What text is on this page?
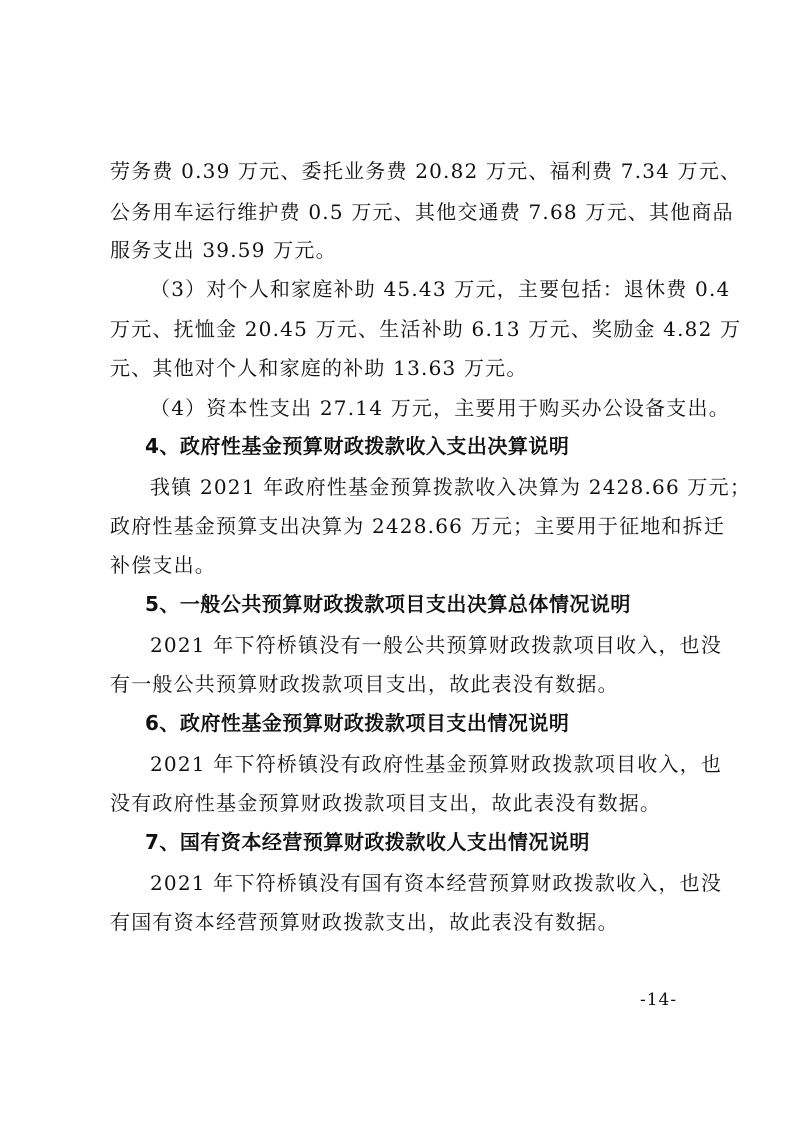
劳务费 0.39 万元、委托业务费 20.82 万元、福利费 7.34 万元、
公务用车运行维护费 0.5 万元、其他交通费 7.68 万元、其他商品
服务支出 39.59 万元。
（3）对个人和家庭补助 45.43 万元，主要包括：退休费 0.4
万元、抚恤金 20.45 万元、生活补助 6.13 万元、奖励金 4.82 万
元、其他对个人和家庭的补助 13.63 万元。
（4）资本性支出 27.14 万元，主要用于购买办公设备支出。
4、政府性基金预算财政拨款收入支出决算说明
我镇 2021 年政府性基金预算拨款收入决算为 2428.66 万元；
政府性基金预算支出决算为 2428.66 万元；主要用于征地和拆迁
补偿支出。
5、一般公共预算财政拨款项目支出决算总体情况说明
2021 年下符桥镇没有一般公共预算财政拨款项目收入，也没
有一般公共预算财政拨款项目支出，故此表没有数据。
6、政府性基金预算财政拨款项目支出情况说明
2021 年下符桥镇没有政府性基金预算财政拨款项目收入，也
没有政府性基金预算财政拨款项目支出，故此表没有数据。
7、国有资本经营预算财政拨款收人支出情况说明
2021 年下符桥镇没有国有资本经营预算财政拨款收入，也没
有国有资本经营预算财政拨款支出，故此表没有数据。
-14-
